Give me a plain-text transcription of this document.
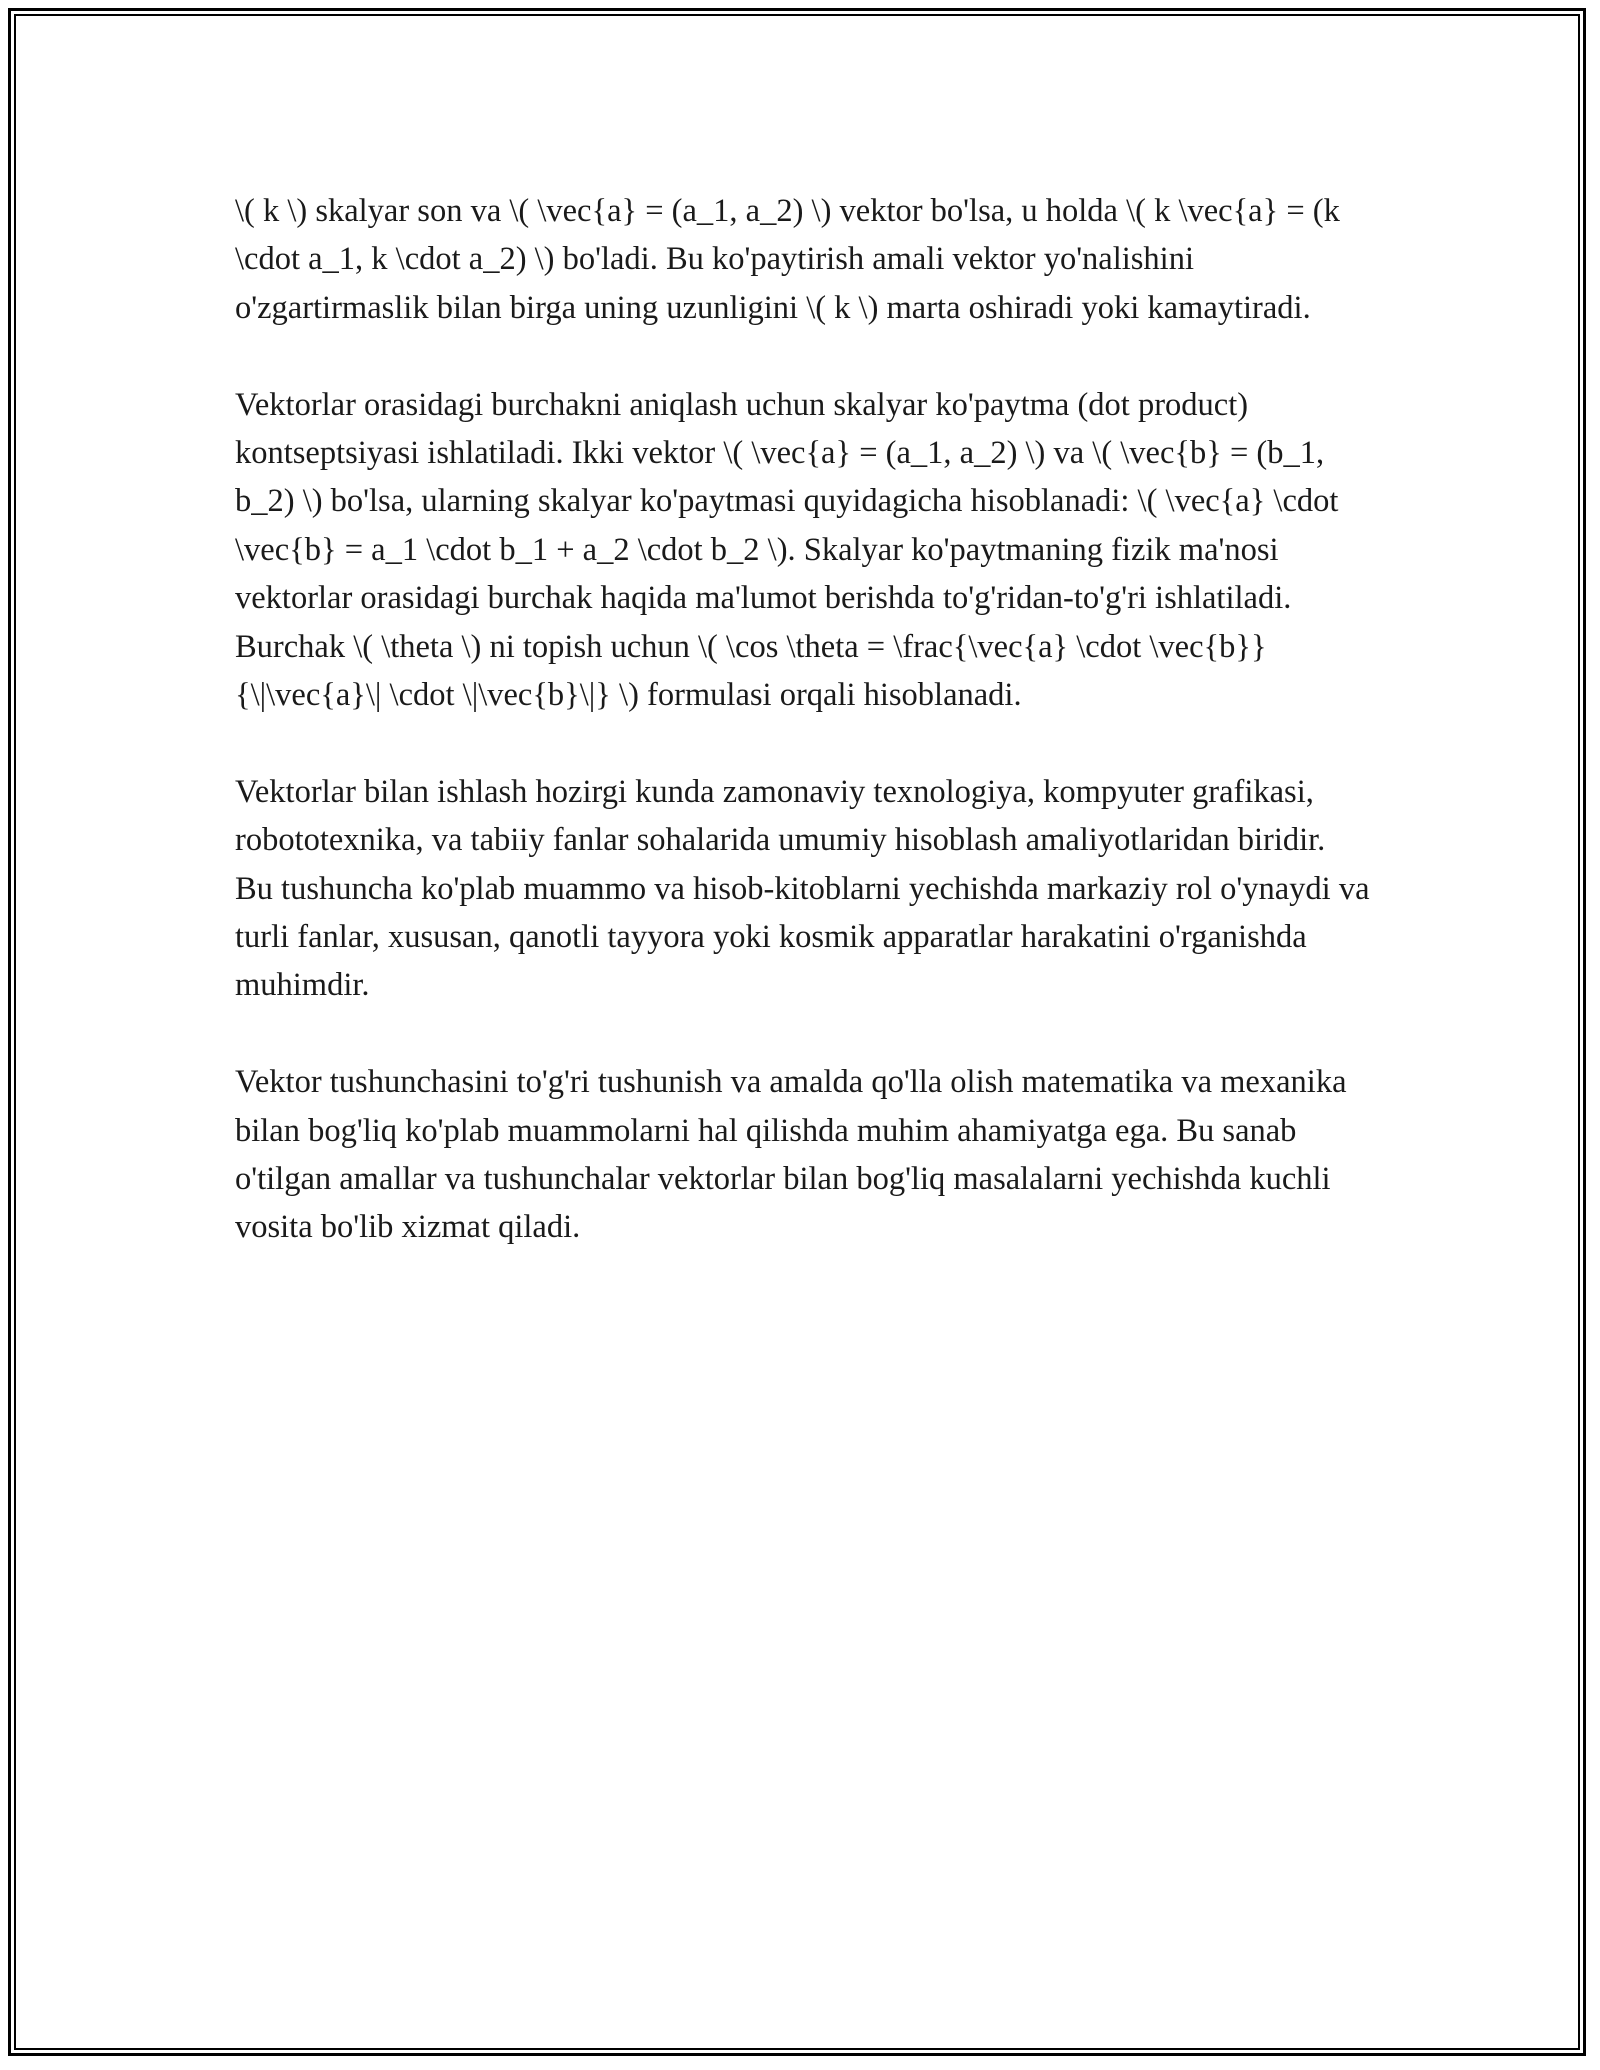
\( k \) skalyar son va \( \vec{a} = (a_1, a_2) \) vektor bo'lsa, u holda \( k \vec{a} = (k \cdot a_1, k \cdot a_2) \) bo'ladi. Bu ko'paytirish amali vektor yo'nalishini o'zgartirmaslik bilan birga uning uzunligini \( k \) marta oshiradi yoki kamaytiradi.

Vektorlar orasidagi burchakni aniqlash uchun skalyar ko'paytma (dot product) kontseptsiyasi ishlatiladi. Ikki vektor \( \vec{a} = (a_1, a_2) \) va \( \vec{b} = (b_1, b_2) \) bo'lsa, ularning skalyar ko'paytmasi quyidagicha hisoblanadi: \( \vec{a} \cdot \vec{b} = a_1 \cdot b_1 + a_2 \cdot b_2 \). Skalyar ko'paytmaning fizik ma'nosi vektorlar orasidagi burchak haqida ma'lumot berishda to'g'ridan-to'g'ri ishlatiladi. Burchak \( \theta \) ni topish uchun \( \cos \theta = \frac{\vec{a} \cdot \vec{b}}{\|\vec{a}\| \cdot \|\vec{b}\|} \) formulasi orqali hisoblanadi.

Vektorlar bilan ishlash hozirgi kunda zamonaviy texnologiya, kompyuter grafikasi, robototexnika, va tabiiy fanlar sohalarida umumiy hisoblash amaliyotlaridan biridir. Bu tushuncha ko'plab muammo va hisob-kitoblarni yechishda markaziy rol o'ynaydi va turli fanlar, xususan, qanotli tayyora yoki kosmik apparatlar harakatini o'rganishda muhimdir.

Vektor tushunchasini to'g'ri tushunish va amalda qo'lla olish matematika va mexanika bilan bog'liq ko'plab muammolarni hal qilishda muhim ahamiyatga ega. Bu sanab o'tilgan amallar va tushunchalar vektorlar bilan bog'liq masalalarni yechishda kuchli vosita bo'lib xizmat qiladi.
